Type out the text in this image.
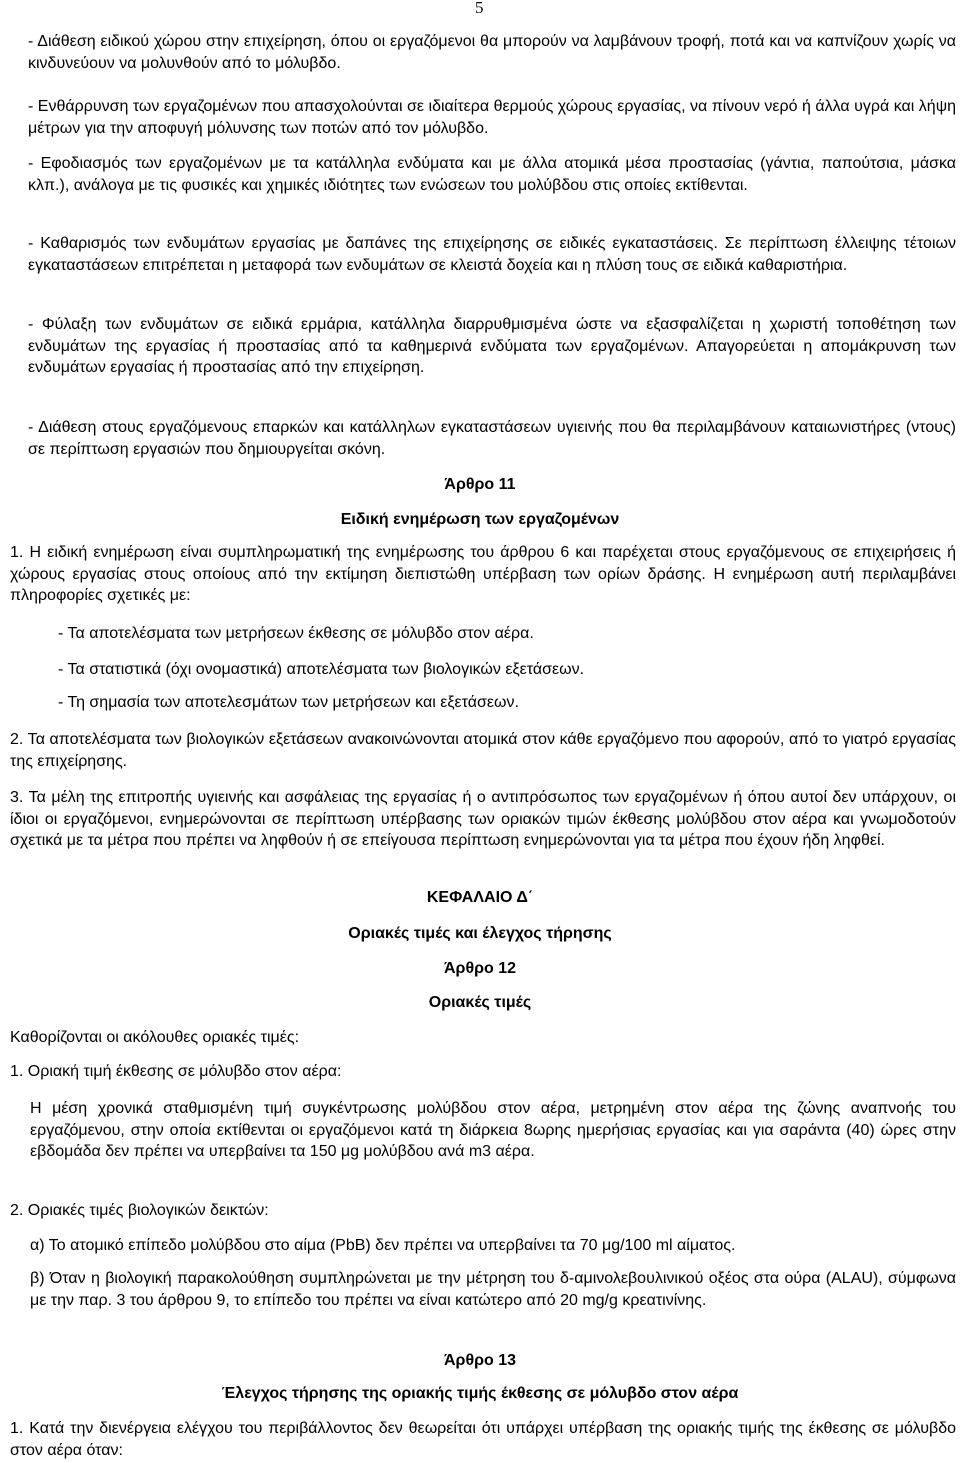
5

- Διάθεση ειδικού χώρου στην επιχείρηση, όπου οι εργαζόμενοι θα μπορούν να λαμβάνουν τροφή, ποτά και να καπνίζουν χωρίς να κινδυνεύουν να μολυνθούν από το μόλυβδο.

- Ενθάρρυνση των εργαζομένων που απασχολούνται σε ιδιαίτερα θερμούς χώρους εργασίας, να πίνουν νερό ή άλλα υγρά και λήψη μέτρων για την αποφυγή μόλυνσης των ποτών από τον μόλυβδο.

- Εφοδιασμός των εργαζομένων με τα κατάλληλα ενδύματα και με άλλα ατομικά μέσα προστασίας (γάντια, παπούτσια, μάσκα κλπ.), ανάλογα με τις φυσικές και χημικές ιδιότητες των ενώσεων του μολύβδου στις οποίες εκτίθενται.

- Καθαρισμός των ενδυμάτων εργασίας με δαπάνες της επιχείρησης σε ειδικές εγκαταστάσεις. Σε περίπτωση έλλειψης τέτοιων εγκαταστάσεων επιτρέπεται η μεταφορά των ενδυμάτων σε κλειστά δοχεία και η πλύση τους σε ειδικά καθαριστήρια.

- Φύλαξη των ενδυμάτων σε ειδικά ερμάρια, κατάλληλα διαρρυθμισμένα ώστε να εξασφαλίζεται η χωριστή τοποθέτηση των ενδυμάτων της εργασίας ή προστασίας από τα καθημερινά ενδύματα των εργαζομένων. Απαγορεύεται η απομάκρυνση των ενδυμάτων εργασίας ή προστασίας από την επιχείρηση.

- Διάθεση στους εργαζόμενους επαρκών και κατάλληλων εγκαταστάσεων υγιεινής που θα περιλαμβάνουν καταιωνιστήρες (ντους) σε περίπτωση εργασιών που δημιουργείται σκόνη.

Άρθρο 11
Ειδική ενημέρωση των εργαζομένων

1. Η ειδική ενημέρωση είναι συμπληρωματική της ενημέρωσης του άρθρου 6 και παρέχεται στους εργαζόμενους σε επιχειρήσεις ή χώρους εργασίας στους οποίους από την εκτίμηση διεπιστώθη υπέρβαση των ορίων δράσης. Η ενημέρωση αυτή περιλαμβάνει πληροφορίες σχετικές με:

- Τα αποτελέσματα των μετρήσεων έκθεσης σε μόλυβδο στον αέρα.

- Τα στατιστικά (όχι ονομαστικά) αποτελέσματα των βιολογικών εξετάσεων.

- Τη σημασία των αποτελεσμάτων των μετρήσεων και εξετάσεων.

2. Τα αποτελέσματα των βιολογικών εξετάσεων ανακοινώνονται ατομικά στον κάθε εργαζόμενο που αφορούν, από το γιατρό εργασίας της επιχείρησης.

3. Τα μέλη της επιτροπής υγιεινής και ασφάλειας της εργασίας ή ο αντιπρόσωπος των εργαζομένων ή όπου αυτοί δεν υπάρχουν, οι ίδιοι οι εργαζόμενοι, ενημερώνονται σε περίπτωση υπέρβασης των οριακών τιμών έκθεσης μολύβδου στον αέρα και γνωμοδοτούν σχετικά με τα μέτρα που πρέπει να ληφθούν ή σε επείγουσα περίπτωση ενημερώνονται για τα μέτρα που έχουν ήδη ληφθεί.

ΚΕΦΑΛΑΙΟ Δ΄
Οριακές τιμές και έλεγχος τήρησης
Άρθρο 12
Οριακές τιμές

Καθορίζονται οι ακόλουθες οριακές τιμές:

1. Οριακή τιμή έκθεσης σε μόλυβδο στον αέρα:

Η μέση χρονικά σταθμισμένη τιμή συγκέντρωσης μολύβδου στον αέρα, μετρημένη στον αέρα της ζώνης αναπνοής του εργαζόμενου, στην οποία εκτίθενται οι εργαζόμενοι κατά τη διάρκεια 8ωρης ημερήσιας εργασίας και για σαράντα (40) ώρες στην εβδομάδα δεν πρέπει να υπερβαίνει τα 150 μg μολύβδου ανά m3 αέρα.

2. Οριακές τιμές βιολογικών δεικτών:

α) Το ατομικό επίπεδο μολύβδου στο αίμα (PbB) δεν πρέπει να υπερβαίνει τα 70 μg/100 ml αίματος.

β) Όταν η βιολογική παρακολούθηση συμπληρώνεται με την μέτρηση του δ-αμινολεβουλινικού οξέος στα ούρα (ALAU), σύμφωνα με την παρ. 3 του άρθρου 9, το επίπεδο του πρέπει να είναι κατώτερο από 20 mg/g κρεατινίνης.

Άρθρο 13
Έλεγχος τήρησης της οριακής τιμής έκθεσης σε μόλυβδο στον αέρα

1. Κατά την διενέργεια ελέγχου του περιβάλλοντος δεν θεωρείται ότι υπάρχει υπέρβαση της οριακής τιμής της έκθεσης σε μόλυβδο στον αέρα όταν:
